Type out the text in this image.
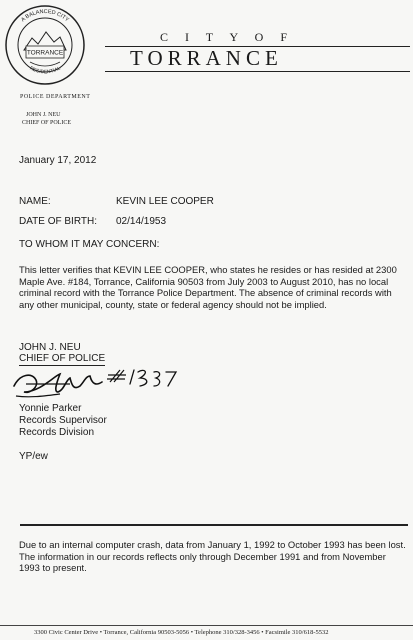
A BALANCED CITY
RESIDENTIAL
TORRANCE
C I T Y O F
TORRANCE
POLICE DEPARTMENT
JOHN J. NEU
CHIEF OF POLICE
January 17, 2012
NAME:	KEVIN LEE COOPER
DATE OF BIRTH: 02/14/1953
TO WHOM IT MAY CONCERN:
This letter verifies that KEVIN LEE COOPER, who states he resides or has resided at 2300 Maple Ave. #184, Torrance, California 90503 from July 2003 to August 2010, has no local criminal record with the Torrance Police Department. The absence of criminal records with any other municipal, county, state or federal agency should not be implied.
JOHN J. NEU
CHIEF OF POLICE
Yonnie Parker
Records Supervisor
Records Division
YP/ew
Due to an internal computer crash, data from January 1, 1992 to October 1993 has been lost. The information in our records reflects only through December 1991 and from November 1993 to present.
3300 Civic Center Drive • Torrance, California 90503-5056 • Telephone 310/328-3456 • Facsimile 310/618-5532
